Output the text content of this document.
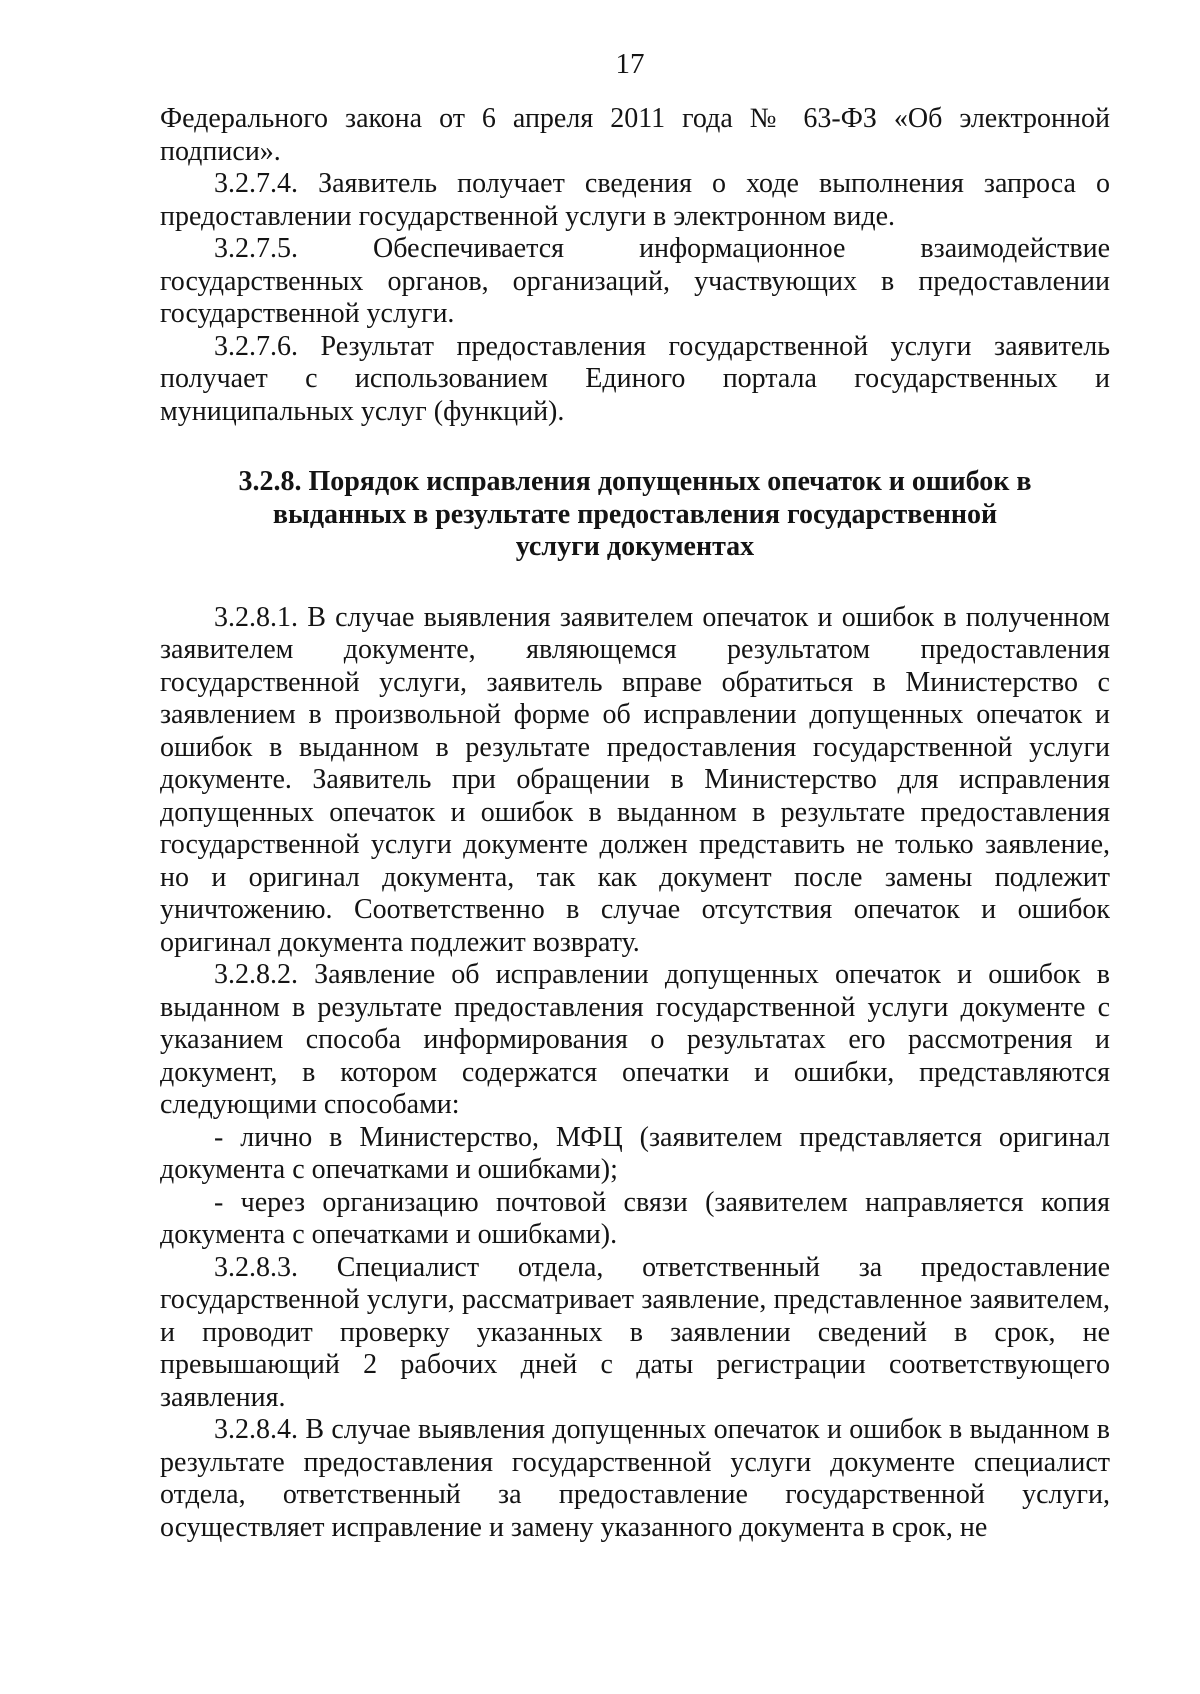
17

Федерального закона от 6 апреля 2011 года № 63-ФЗ «Об электронной подписи».

3.2.7.4. Заявитель получает сведения о ходе выполнения запроса о предоставлении государственной услуги в электронном виде.

3.2.7.5. Обеспечивается информационное взаимодействие государственных органов, организаций, участвующих в предоставлении государственной услуги.

3.2.7.6. Результат предоставления государственной услуги заявитель получает с использованием Единого портала государственных и муниципальных услуг (функций).

3.2.8. Порядок исправления допущенных опечаток и ошибок в
выданных в результате предоставления государственной
услуги документах

3.2.8.1. В случае выявления заявителем опечаток и ошибок в полученном заявителем документе, являющемся результатом предоставления государственной услуги, заявитель вправе обратиться в Министерство с заявлением в произвольной форме об исправлении допущенных опечаток и ошибок в выданном в результате предоставления государственной услуги документе. Заявитель при обращении в Министерство для исправления допущенных опечаток и ошибок в выданном в результате предоставления государственной услуги документе должен представить не только заявление, но и оригинал документа, так как документ после замены подлежит уничтожению. Соответственно в случае отсутствия опечаток и ошибок оригинал документа подлежит возврату.

3.2.8.2. Заявление об исправлении допущенных опечаток и ошибок в выданном в результате предоставления государственной услуги документе с указанием способа информирования о результатах его рассмотрения и документ, в котором содержатся опечатки и ошибки, представляются следующими способами:

- лично в Министерство, МФЦ (заявителем представляется оригинал документа с опечатками и ошибками);

- через организацию почтовой связи (заявителем направляется копия документа с опечатками и ошибками).

3.2.8.3. Специалист отдела, ответственный за предоставление государственной услуги, рассматривает заявление, представленное заявителем, и проводит проверку указанных в заявлении сведений в срок, не превышающий 2 рабочих дней с даты регистрации соответствующего заявления.

3.2.8.4. В случае выявления допущенных опечаток и ошибок в выданном в результате предоставления государственной услуги документе специалист отдела, ответственный за предоставление государственной услуги, осуществляет исправление и замену указанного документа в срок, не
